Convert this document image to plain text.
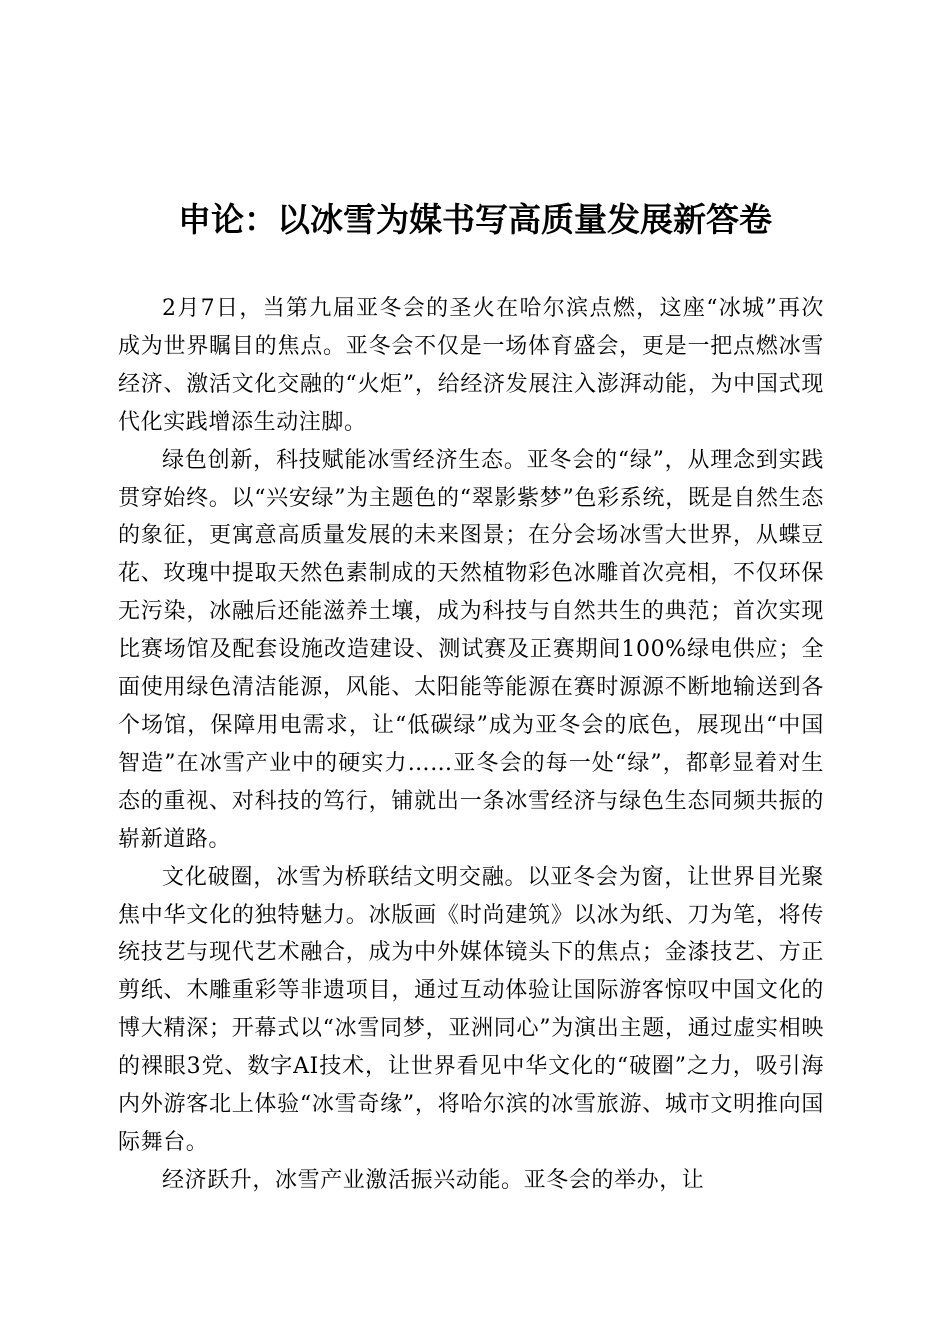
申论：以冰雪为媒书写高质量发展新答卷

2月7日，当第九届亚冬会的圣火在哈尔滨点燃，这座“冰城”再次成为世界瞩目的焦点。亚冬会不仅是一场体育盛会，更是一把点燃冰雪经济、激活文化交融的“火炬”，给经济发展注入澎湃动能，为中国式现代化实践增添生动注脚。

绿色创新，科技赋能冰雪经济生态。亚冬会的“绿”，从理念到实践贯穿始终。以“兴安绿”为主题色的“翠影紫梦”色彩系统，既是自然生态的象征，更寓意高质量发展的未来图景；在分会场冰雪大世界，从蝶豆花、玫瑰中提取天然色素制成的天然植物彩色冰雕首次亮相，不仅环保无污染，冰融后还能滋养土壤，成为科技与自然共生的典范；首次实现比赛场馆及配套设施改造建设、测试赛及正赛期间100%绿电供应；全面使用绿色清洁能源，风能、太阳能等能源在赛时源源不断地输送到各个场馆，保障用电需求，让“低碳绿”成为亚冬会的底色，展现出“中国智造”在冰雪产业中的硬实力……亚冬会的每一处“绿”，都彰显着对生态的重视、对科技的笃行，铺就出一条冰雪经济与绿色生态同频共振的崭新道路。

文化破圈，冰雪为桥联结文明交融。以亚冬会为窗，让世界目光聚焦中华文化的独特魅力。冰版画《时尚建筑》以冰为纸、刀为笔，将传统技艺与现代艺术融合，成为中外媒体镜头下的焦点；金漆技艺、方正剪纸、木雕重彩等非遗项目，通过互动体验让国际游客惊叹中国文化的博大精深；开幕式以“冰雪同梦，亚洲同心”为演出主题，通过虚实相映的裸眼3党、数字AI技术，让世界看见中华文化的“破圈”之力，吸引海内外游客北上体验“冰雪奇缘”，将哈尔滨的冰雪旅游、城市文明推向国际舞台。

经济跃升，冰雪产业激活振兴动能。亚冬会的举办，让
